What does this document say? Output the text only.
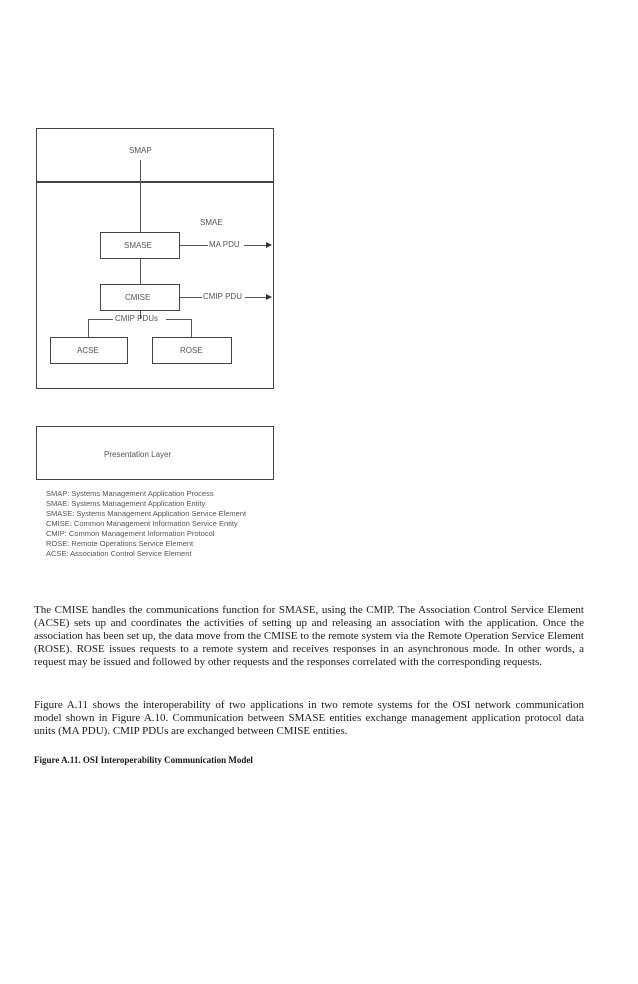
SMAP
SMAE
SMASE	MA PDU
CMISE	CMIP PDU
CMIP PDUs
ACSE	ROSE
Presentation Layer
SMAP: Systems Management Application Process
SMAE: Systems Management Application Entity
SMASE: Systems Management Application Service Element
CMISE: Common Management Information Service Entity
CMIP: Common Management Information Protocol
ROSE: Remote Operations Service Element
ACSE: Association Control Service Element

The CMISE handles the communications function for SMASE, using the CMIP. The Association Control Service Element (ACSE) sets up and coordinates the activities of setting up and releasing an association with the application. Once the association has been set up, the data move from the CMISE to the remote system via the Remote Operation Service Element (ROSE). ROSE issues requests to a remote system and receives responses in an asynchronous mode. In other words, a request may be issued and followed by other requests and the responses correlated with the corresponding requests.

Figure A.11 shows the interoperability of two applications in two remote systems for the OSI network communication model shown in Figure A.10. Communication between SMASE entities exchange management application protocol data units (MA PDU). CMIP PDUs are exchanged between CMISE entities.

Figure A.11. OSI Interoperability Communication Model
